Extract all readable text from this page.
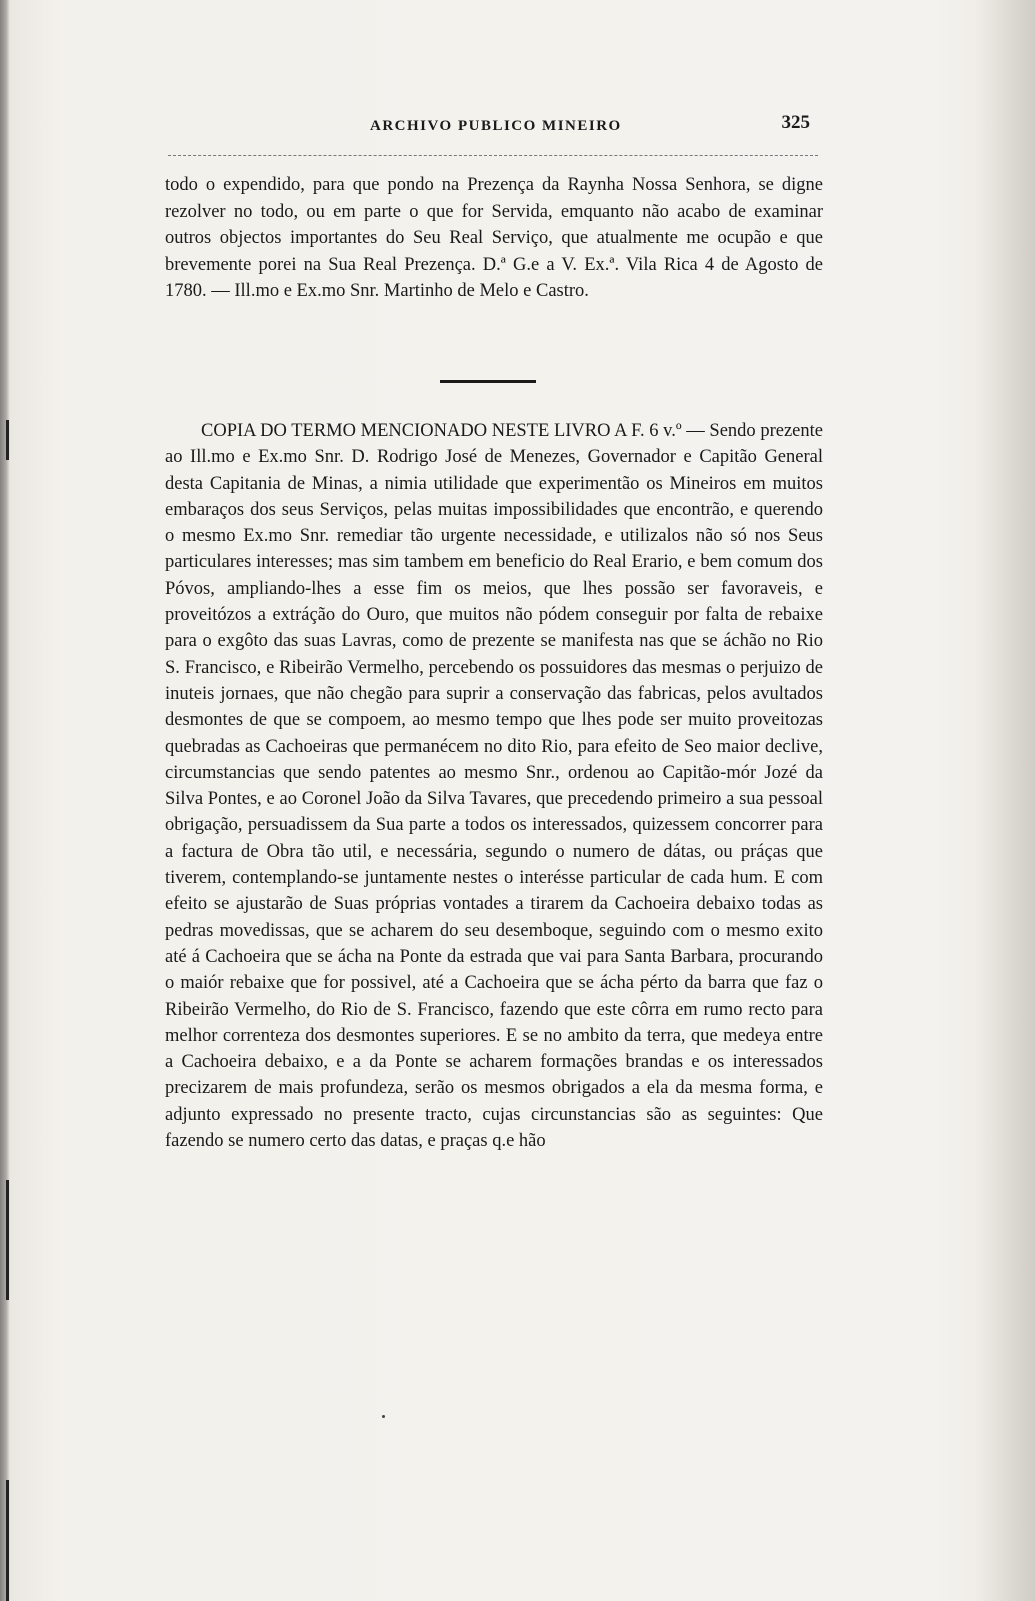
ARCHIVO PUBLICO MINEIRO	325

todo o expendido, para que pondo na Prezença da Raynha Nossa Senhora, se digne rezolver no todo, ou em parte o que for Servida, emquanto não acabo de examinar outros objectos importantes do Seu Real Serviço, que atualmente me ocupão e que brevemente porei na Sua Real Prezença. D.ª G.e a V. Ex.ª. Vila Rica 4 de Agosto de 1780. — Ill.mo e Ex.mo Snr. Martinho de Melo e Castro.

COPIA DO TERMO MENCIONADO NESTE LIVRO A F. 6 v.º — Sendo prezente ao Ill.mo e Ex.mo Snr. D. Rodrigo José de Menezes, Governador e Capitão General desta Capitania de Minas, a nimia utilidade que experimentão os Mineiros em muitos embaraços dos seus Serviços, pelas muitas impossibilidades que encontrão, e querendo o mesmo Ex.mo Snr. remediar tão urgente necessidade, e utilizalos não só nos Seus particulares interesses; mas sim tambem em beneficio do Real Erario, e bem comum dos Póvos, ampliando-lhes a esse fim os meios, que lhes possão ser favoraveis, e proveitózos a extráção do Ouro, que muitos não pódem conseguir por falta de rebaixe para o exgôto das suas Lavras, como de prezente se manifesta nas que se áchão no Rio S. Francisco, e Ribeirão Vermelho, percebendo os possuidores das mesmas o perjuizo de inuteis jornaes, que não chegão para suprir a conservação das fabricas, pelos avultados desmontes de que se compoem, ao mesmo tempo que lhes pode ser muito proveitozas quebradas as Cachoeiras que permanécem no dito Rio, para efeito de Seo maior declive, circumstancias que sendo patentes ao mesmo Snr., ordenou ao Capitão-mór Jozé da Silva Pontes, e ao Coronel João da Silva Tavares, que precedendo primeiro a sua pessoal obrigação, persuadissem da Sua parte a todos os interessados, quizessem concorrer para a factura de Obra tão util, e necessária, segundo o numero de dátas, ou práças que tiverem, contemplando-se juntamente nestes o interésse particular de cada hum. E com efeito se ajustarão de Suas próprias vontades a tirarem da Cachoeira debaixo todas as pedras movedissas, que se acharem do seu desemboque, seguindo com o mesmo exito até á Cachoeira que se ácha na Ponte da estrada que vai para Santa Barbara, procurando o maiór rebaixe que for possivel, até a Cachoeira que se ácha pérto da barra que faz o Ribeirão Vermelho, do Rio de S. Francisco, fazendo que este côrra em rumo recto para melhor correnteza dos desmontes superiores. E se no ambito da terra, que medeya entre a Cachoeira debaixo, e a da Ponte se acharem formações brandas e os interessados precizarem de mais profundeza, serão os mesmos obrigados a ela da mesma forma, e adjunto expressado no presente tracto, cujas circunstancias são as seguintes: Que fazendo se numero certo das datas, e praças q.e hão
